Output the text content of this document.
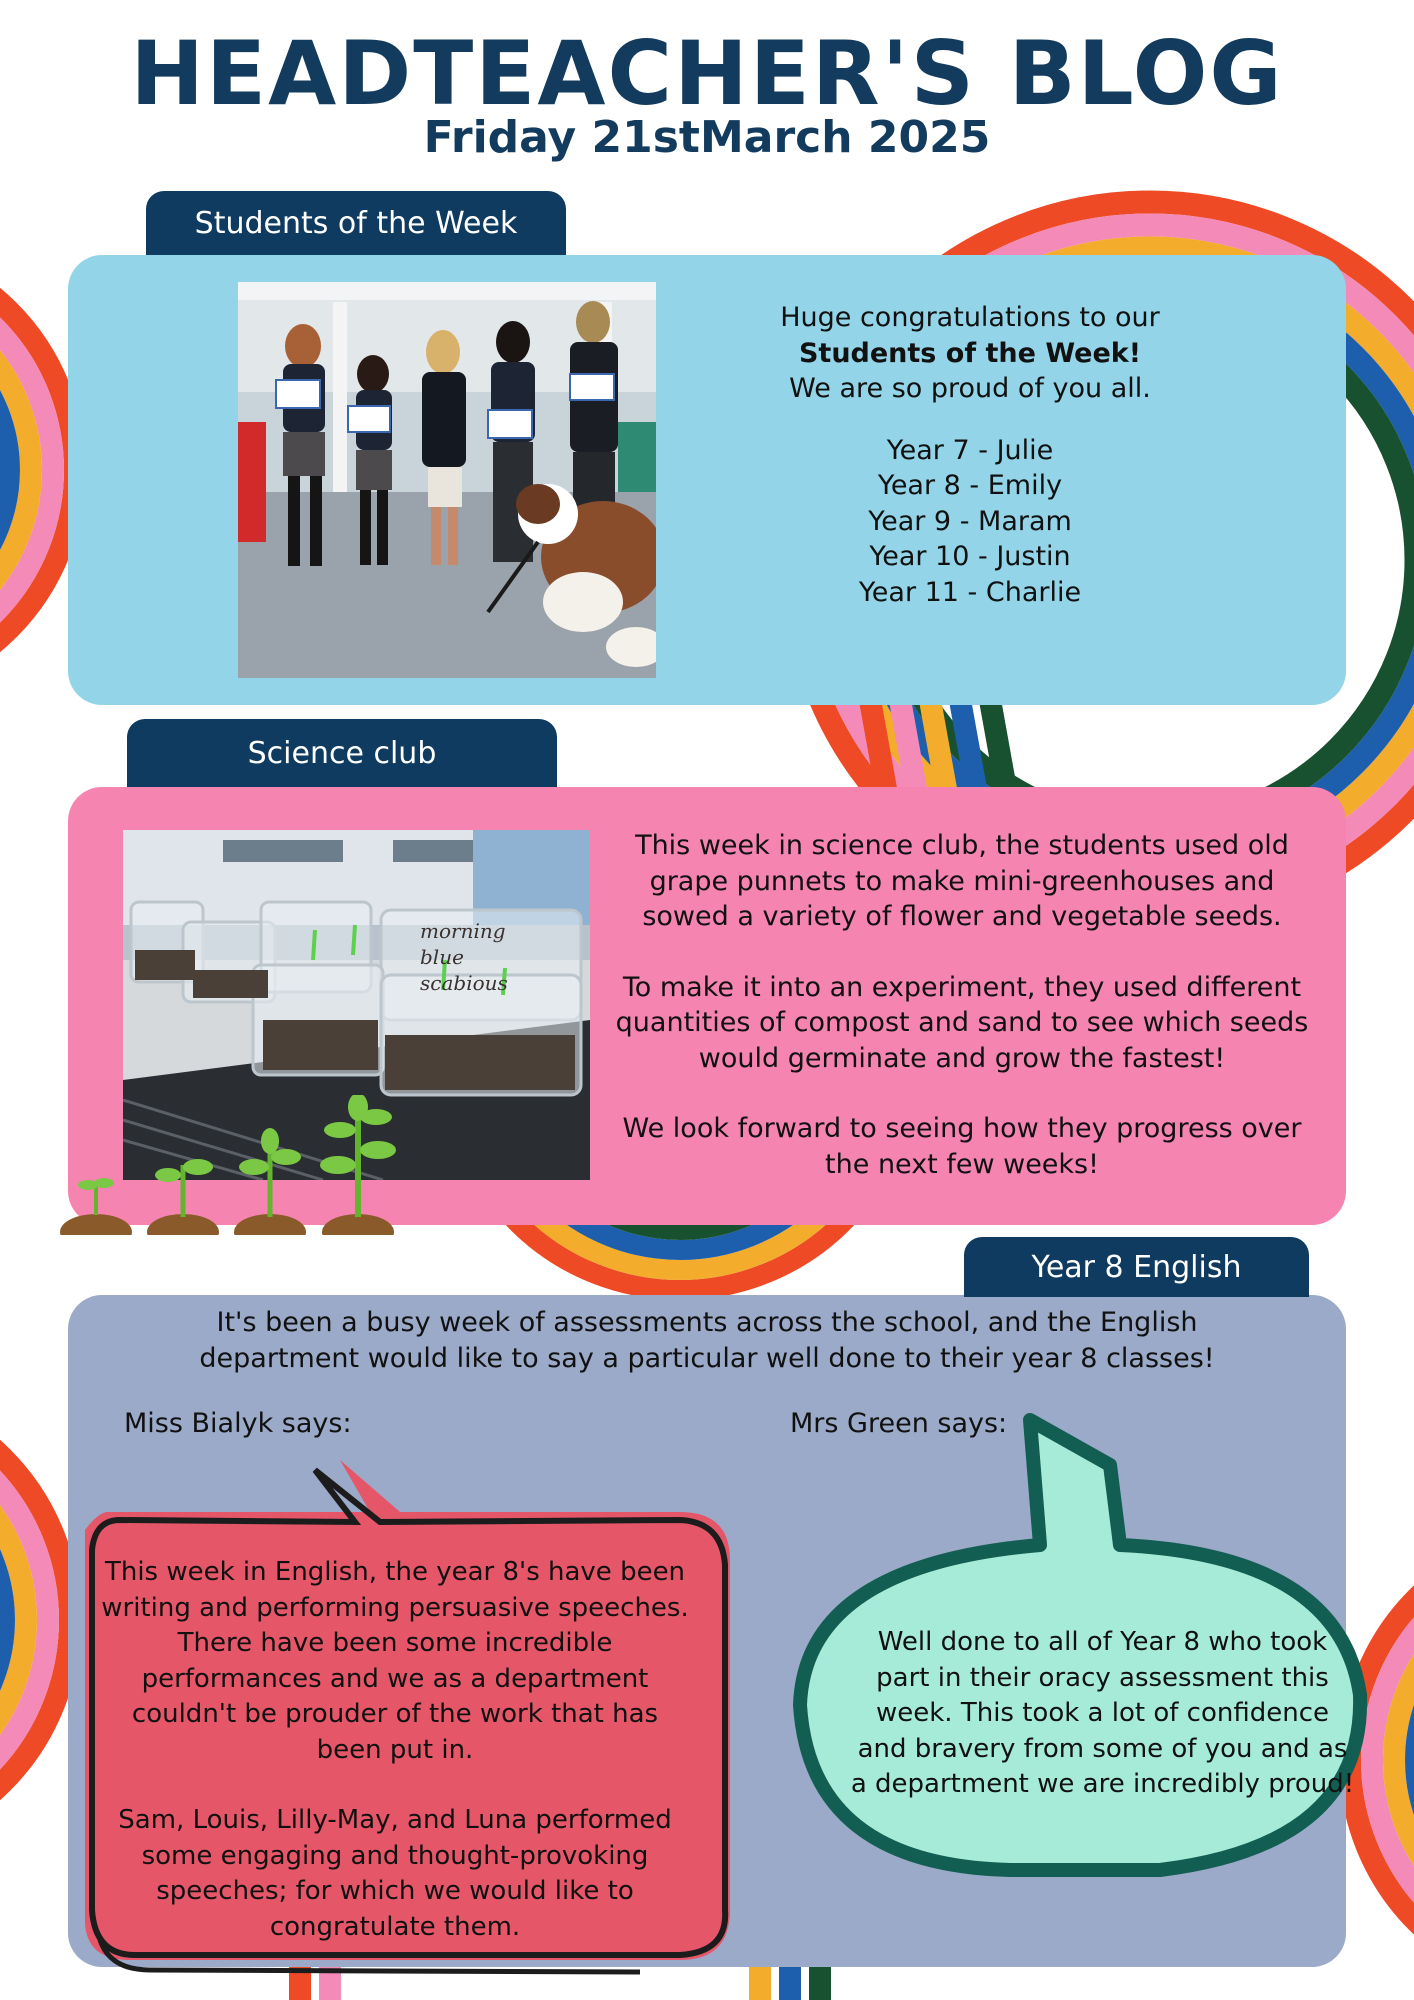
HEADTEACHER'S BLOG
Friday 21stMarch 2025
Students of the Week

Huge congratulations to our

Students of the Week!

We are so proud of you all.

Year 7 - Julie

Year 8 - Emily

Year 9 - Maram

Year 10 - Justin

Year 11 - Charlie

Science club
morning blue
scabious

This week in science club, the students used old grape punnets to make mini-greenhouses and sowed a variety of flower and vegetable seeds.

To make it into an experiment, they used different quantities of compost and sand to see which seeds would germinate and grow the fastest!

We look forward to seeing how they progress over the next few weeks!

Year 8 English
It's been a busy week of assessments across the school, and the English department would like to say a particular well done to their year 8 classes!
Miss Bialyk says:	Mrs Green says:

This week in English, the year 8's have been writing and performing persuasive speeches. There have been some incredible performances and we as a department couldn't be prouder of the work that has been put in.

Sam, Louis, Lilly-May, and Luna performed some engaging and thought-provoking speeches; for which we would like to congratulate them.

Well done to all of Year 8 who took part in their oracy assessment this week. This took a lot of confidence and bravery from some of you and as a department we are incredibly proud!
